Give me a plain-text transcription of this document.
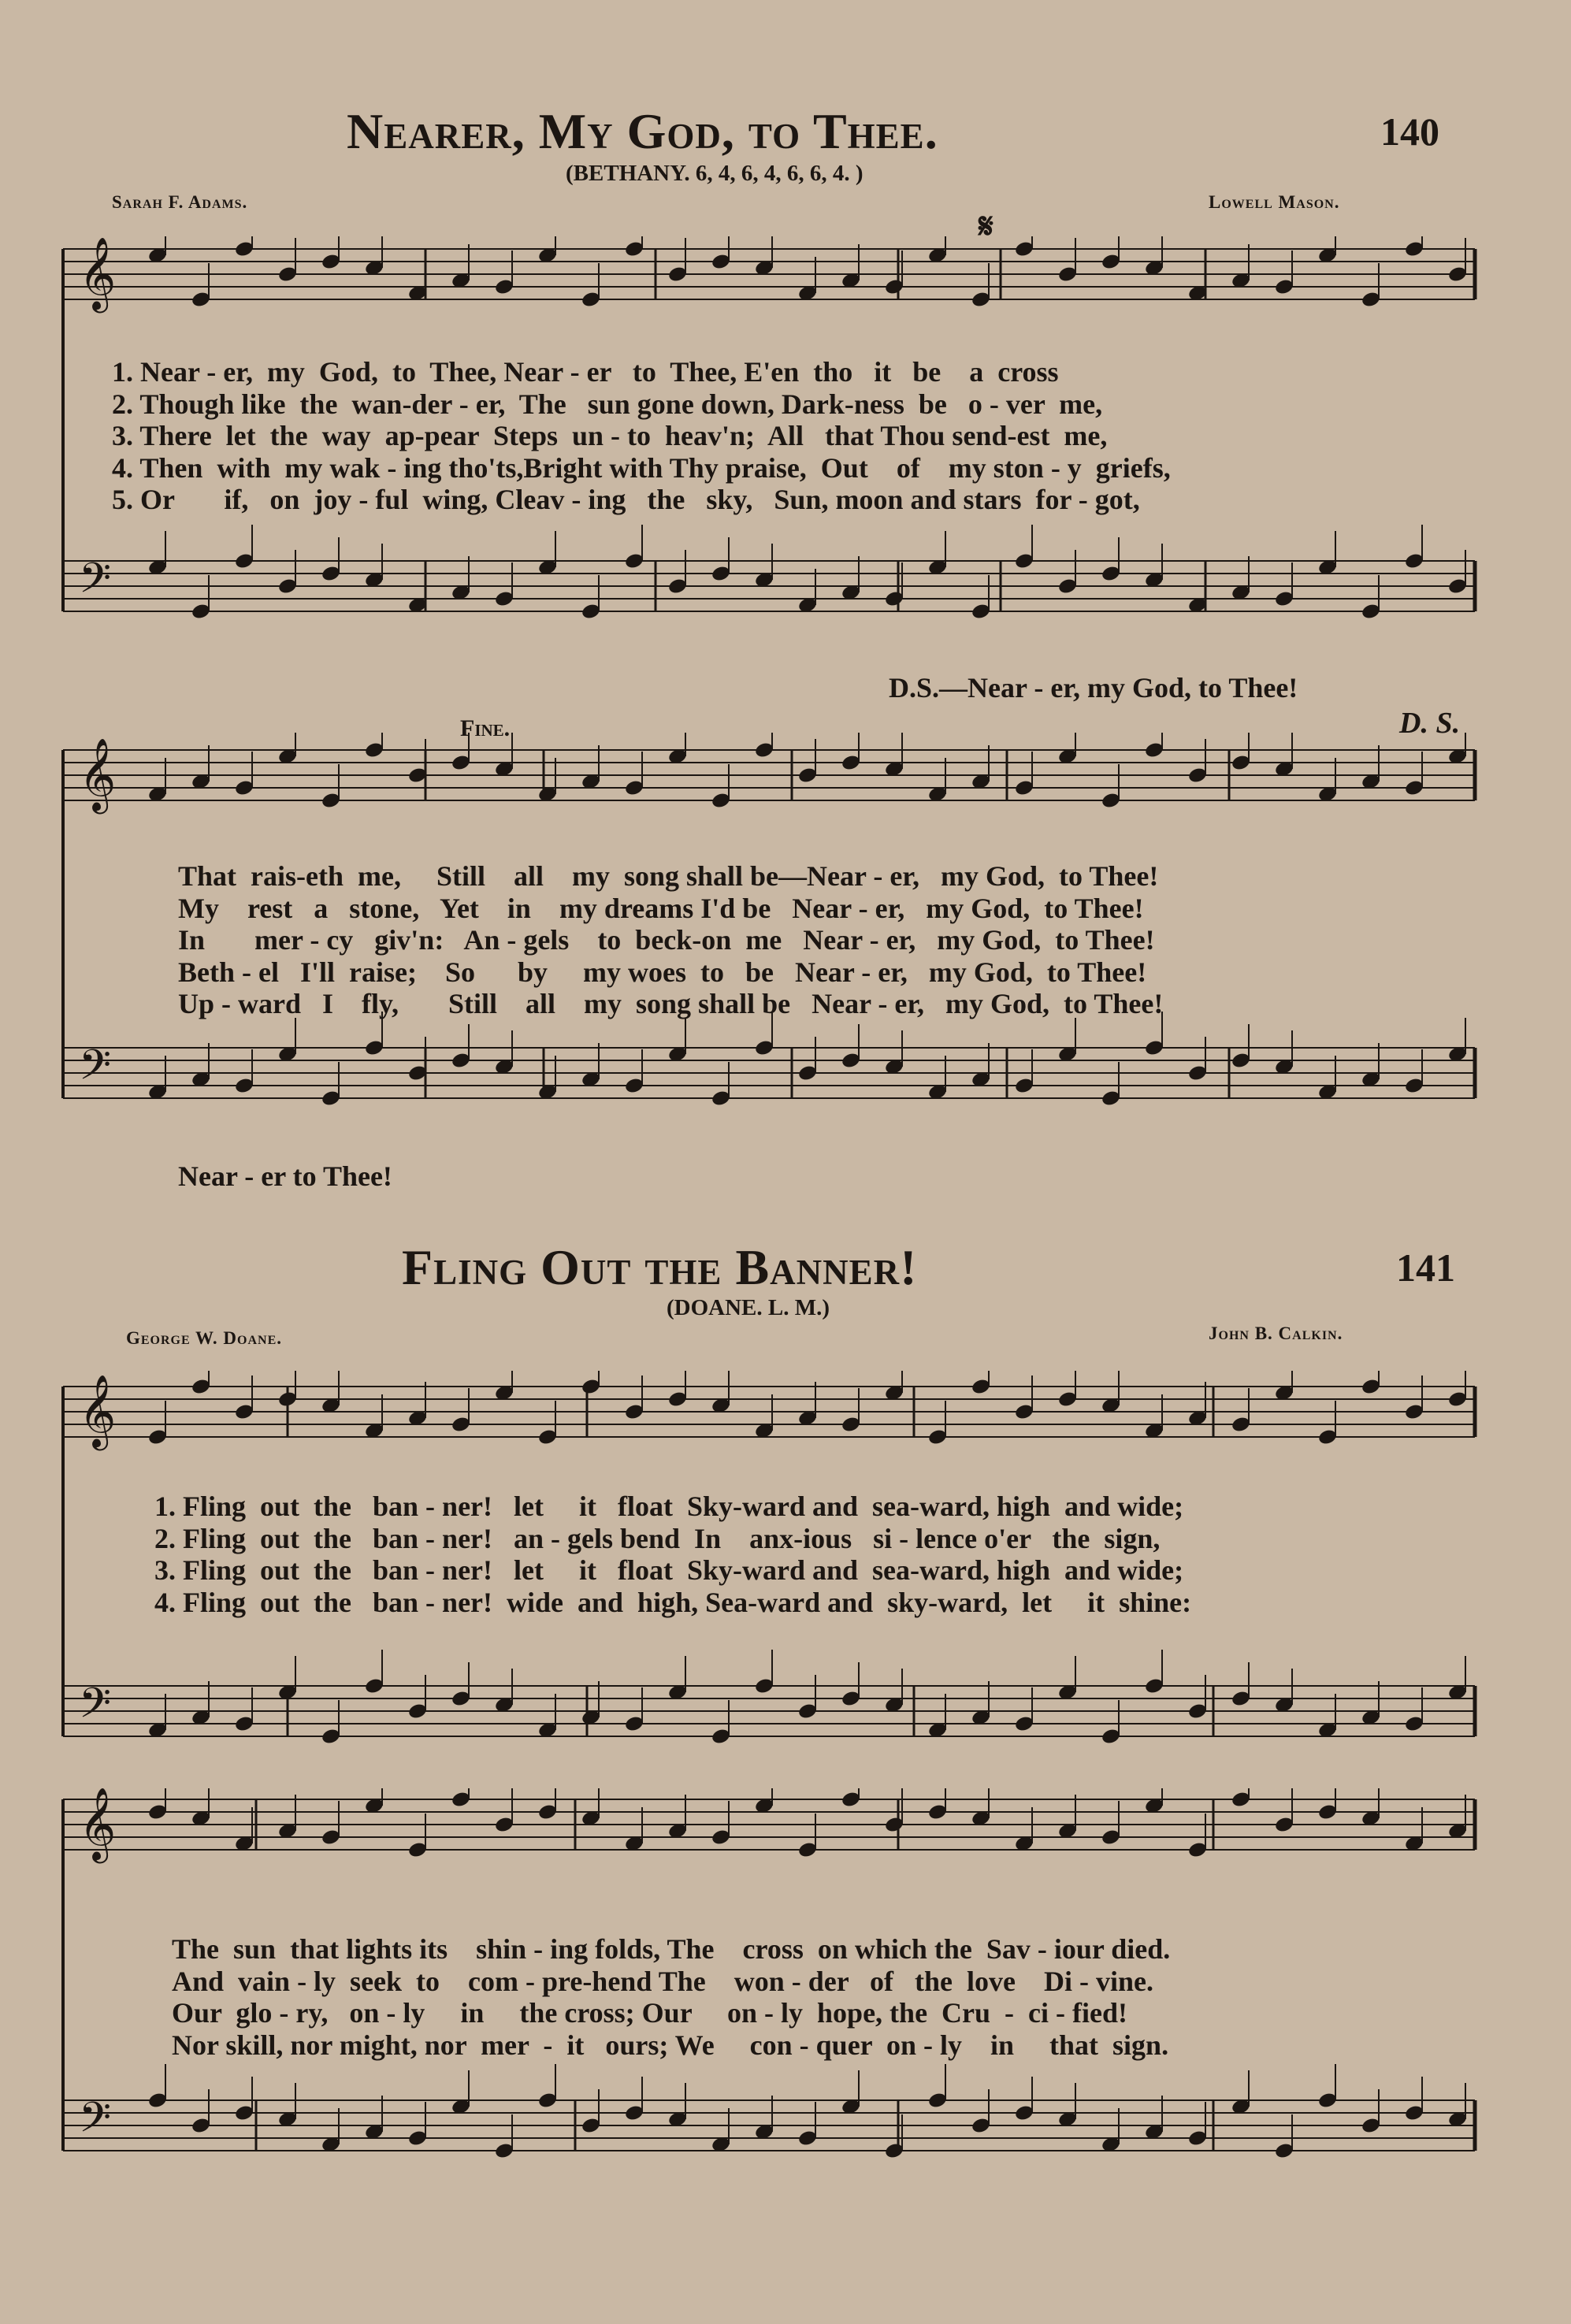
Nearer, My God, to Thee.	140
(BETHANY. 6, 4, 6, 4, 6, 6, 4. )
Sarah F. Adams.	Lowell Mason.
𝄋
𝄞
𝄢
1. Near - er,  my  God,  to  Thee, Near - er   to  Thee, E'en  tho   it   be    a  cross
2. Though like  the  wan-der - er,  The   sun gone down, Dark-ness  be   o - ver  me,
3. There  let  the  way  ap-pear  Steps  un - to  heav'n;  All   that Thou send-est  me,
4. Then  with  my wak - ing tho'ts,Bright with Thy praise,  Out    of    my ston - y  griefs,
5. Or       if,   on  joy - ful  wing, Cleav - ing   the   sky,   Sun, moon and stars  for - got,
D.S.—Near - er, my God, to Thee!
Fine.	D. S.
𝄞
𝄢
That  rais-eth  me,     Still    all    my  song shall be—Near - er,   my God,  to Thee!
My    rest   a   stone,   Yet    in    my dreams I'd be   Near - er,   my God,  to Thee!
In       mer - cy   giv'n:   An - gels    to  beck-on  me   Near - er,   my God,  to Thee!
Beth - el   I'll  raise;    So      by     my woes  to   be   Near - er,   my God,  to Thee!
Up - ward   I    fly,       Still    all    my  song shall be   Near - er,   my God,  to Thee!
Near - er to Thee!
Fling Out the Banner!	141
(DOANE. L. M.)
George W. Doane.	John B. Calkin.
𝄞
𝄢
1. Fling  out  the   ban - ner!   let     it   float  Sky-ward and  sea-ward, high  and wide;
2. Fling  out  the   ban - ner!   an - gels bend  In    anx-ious   si - lence o'er   the  sign,
3. Fling  out  the   ban - ner!   let     it   float  Sky-ward and  sea-ward, high  and wide;
4. Fling  out  the   ban - ner!  wide  and  high, Sea-ward and  sky-ward,  let     it  shine:
𝄞
𝄢
The  sun  that lights its    shin - ing folds, The    cross  on which the  Sav - iour died.
And  vain - ly  seek  to    com - pre-hend The    won - der   of   the  love    Di - vine.
Our  glo - ry,   on - ly     in     the cross; Our     on - ly  hope, the  Cru  -  ci - fied!
Nor skill, nor might, nor  mer  -  it   ours; We     con - quer  on - ly    in     that  sign.
